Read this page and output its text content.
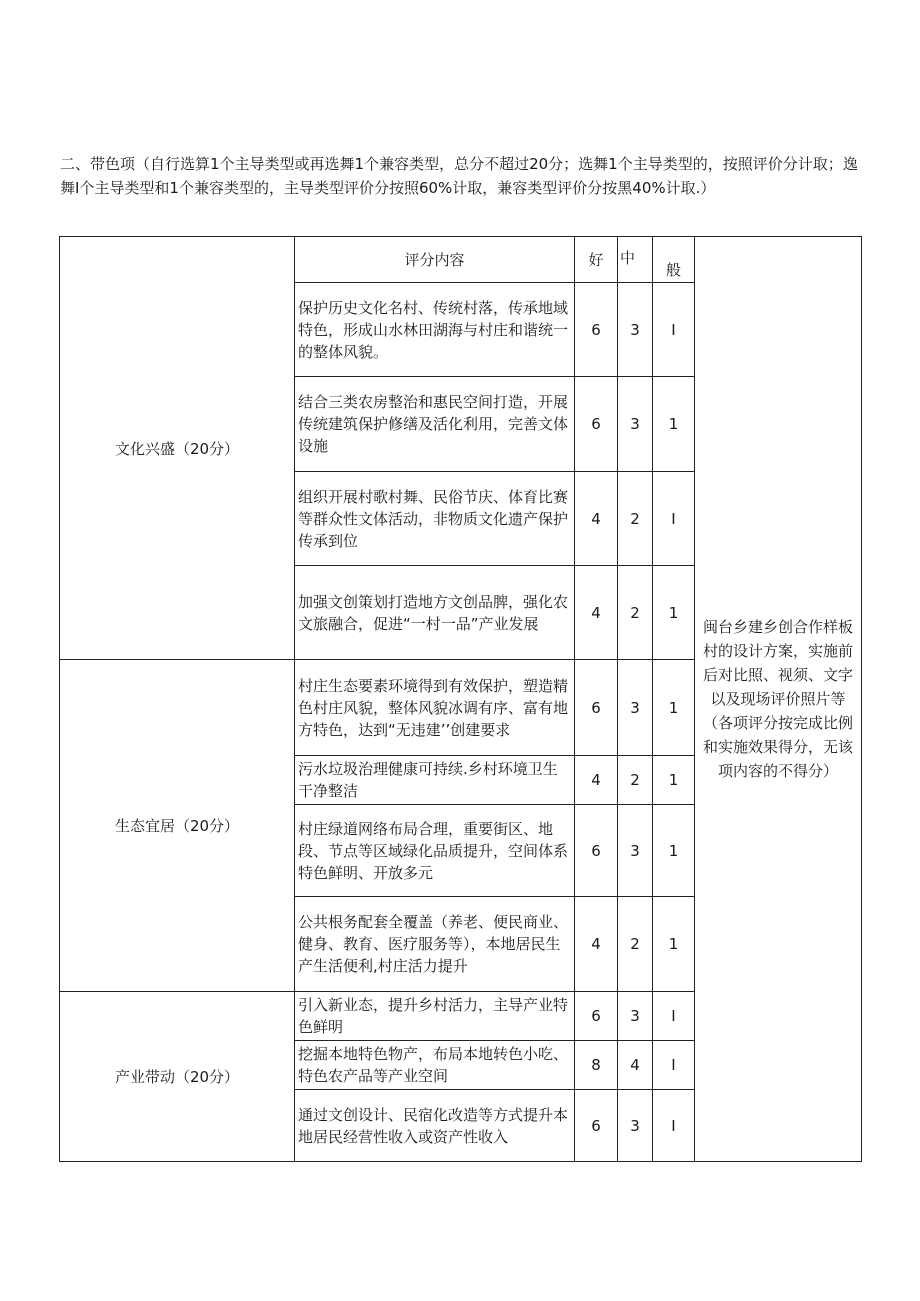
二、带色项（自行选算1个主导类型或再选舞1个兼容类型，总分不超过20分；选舞1个主导类型的，按照评价分计取；逸舞I个主导类型和1个兼容类型的，主导类型评价分按照60%计取，兼容类型评价分按黑40%计取.）

文化兴盛（20分）	评分内容	好	中	般	闽台乡建乡创合作样板村的设计方案，实施前后对比照、视须、文字以及现场评价照片等（各项评分按完成比例和实施效果得分，无该项内容的不得分）
	保护历史文化名村、传统村落，传承地域特色，形成山水林田湖海与村庄和谐统一的整体风貌。	6	3	I	
	结合三类农房整治和惠民空间打造，开展传统建筑保护修缮及活化利用，完善文体设施	6	3	1	
	组织开展村歌村舞、民俗节庆、体育比赛等群众性文体活动，非物质文化遗产保护传承到位	4	2	I	
	加强文创策划打造地方文创品脾，强化农文旅融合，促进“一村一品”产业发展	4	2	1	
生态宜居（20分）	村庄生态要素环境得到有效保护，塑造精色村庄风貌，整体风貌冰调有序、富有地方特色，达到“无违建’’创建要求	6	3	1	
	污水垃圾治理健康可持续.乡村环境卫生干净整洁	4	2	1	
	村庄绿道网络布局合理，重要街区、地段、节点等区域绿化品质提升，空间体系特色鲜明、开放多元	6	3	1	
	公共根务配套全覆盖（养老、便民商业、健身、教育、医疗服务等），本地居民生产生活便利,村庄活力提升	4	2	1	
产业带动（20分）	引入新业态，提升乡村活力，主导产业特色鲜明	6	3	I	
	挖掘本地特色物产，布局本地转色小吃、特色农产品等产业空间	8	4	I	
	通过文创设计、民宿化改造等方式提升本地居民经营性收入或资产性收入	6	3	I	
